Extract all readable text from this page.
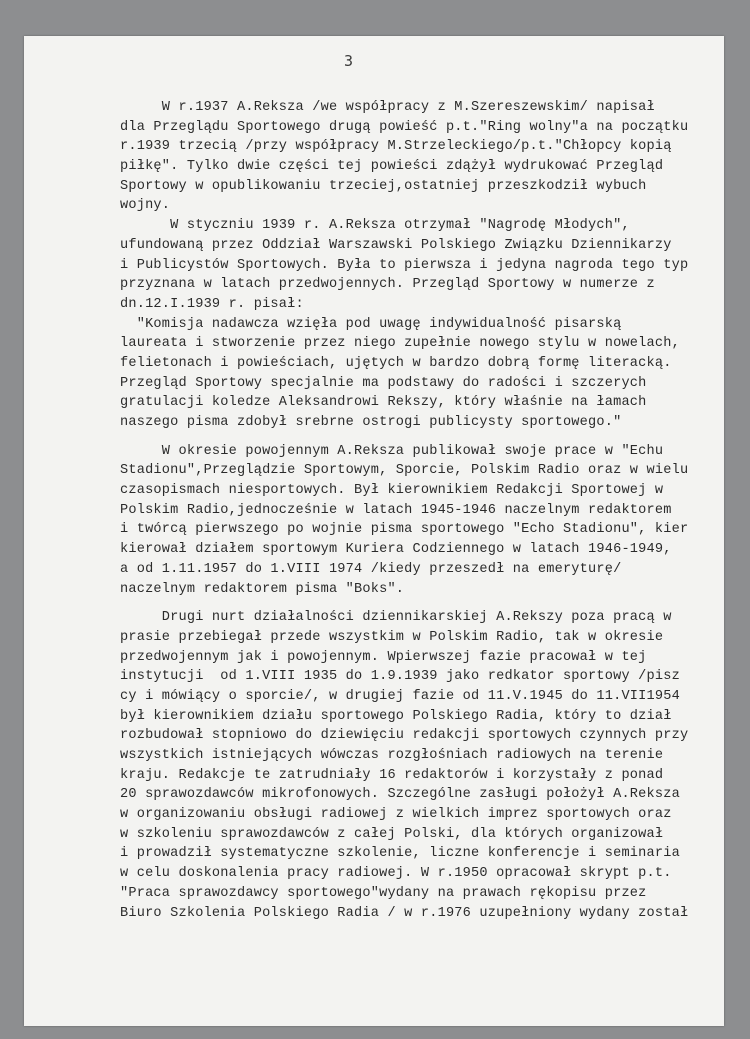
3
W r.1937 A.Reksza /we współpracy z M.Szereszewskim/ napisał
dla Przeglądu Sportowego drugą powieść p.t."Ring wolny"a na początku
r.1939 trzecią /przy współpracy M.Strzeleckiego/p.t."Chłopcy kopią
piłkę". Tylko dwie części tej powieści zdążył wydrukować Przegląd
Sportowy w opublikowaniu trzeciej,ostatniej przeszkodził wybuch
wojny.
W styczniu 1939 r. A.Reksza otrzymał "Nagrodę Młodych",
ufundowaną przez Oddział Warszawski Polskiego Związku Dziennikarzy
i Publicystów Sportowych. Była to pierwsza i jedyna nagroda tego typ
przyznana w latach przedwojennych. Przegląd Sportowy w numerze z
dn.12.I.1939 r. pisał:
"Komisja nadawcza wzięła pod uwagę indywidualność pisarską
laureata i stworzenie przez niego zupełnie nowego stylu w nowelach,
felietonach i powieściach, ujętych w bardzo dobrą formę literacką.
Przegląd Sportowy specjalnie ma podstawy do radości i szczerych
gratulacji koledze Aleksandrowi Rekszy, który właśnie na łamach
naszego pisma zdobył srebrne ostrogi publicysty sportowego."
W okresie powojennym A.Reksza publikował swoje prace w "Echu
Stadionu",Przeglądzie Sportowym, Sporcie, Polskim Radio oraz w wielu
czasopismach niesportowych. Był kierownikiem Redakcji Sportowej w
Polskim Radio,jednocześnie w latach 1945-1946 naczelnym redaktorem
i twórcą pierwszego po wojnie pisma sportowego "Echo Stadionu", kier
kierował działem sportowym Kuriera Codziennego w latach 1946-1949,
a od 1.11.1957 do 1.VIII 1974 /kiedy przeszedł na emeryturę/
naczelnym redaktorem pisma "Boks".
Drugi nurt działalności dziennikarskiej A.Rekszy poza pracą w
prasie przebiegał przede wszystkim w Polskim Radio, tak w okresie
przedwojennym jak i powojennym. Wpierwszej fazie pracował w tej
instytucji  od 1.VIII 1935 do 1.9.1939 jako redkator sportowy /pisz
cy i mówiący o sporcie/, w drugiej fazie od 11.V.1945 do 11.VII1954
był kierownikiem działu sportowego Polskiego Radia, który to dział
rozbudował stopniowo do dziewięciu redakcji sportowych czynnych przy
wszystkich istniejących wówczas rozgłośniach radiowych na terenie
kraju. Redakcje te zatrudniały 16 redaktorów i korzystały z ponad
20 sprawozdawców mikrofonowych. Szczególne zasługi położył A.Reksza
w organizowaniu obsługi radiowej z wielkich imprez sportowych oraz
w szkoleniu sprawozdawców z całej Polski, dla których organizował
i prowadził systematyczne szkolenie, liczne konferencje i seminaria
w celu doskonalenia pracy radiowej. W r.1950 opracował skrypt p.t.
"Praca sprawozdawcy sportowego"wydany na prawach rękopisu przez
Biuro Szkolenia Polskiego Radia / w r.1976 uzupełniony wydany został
